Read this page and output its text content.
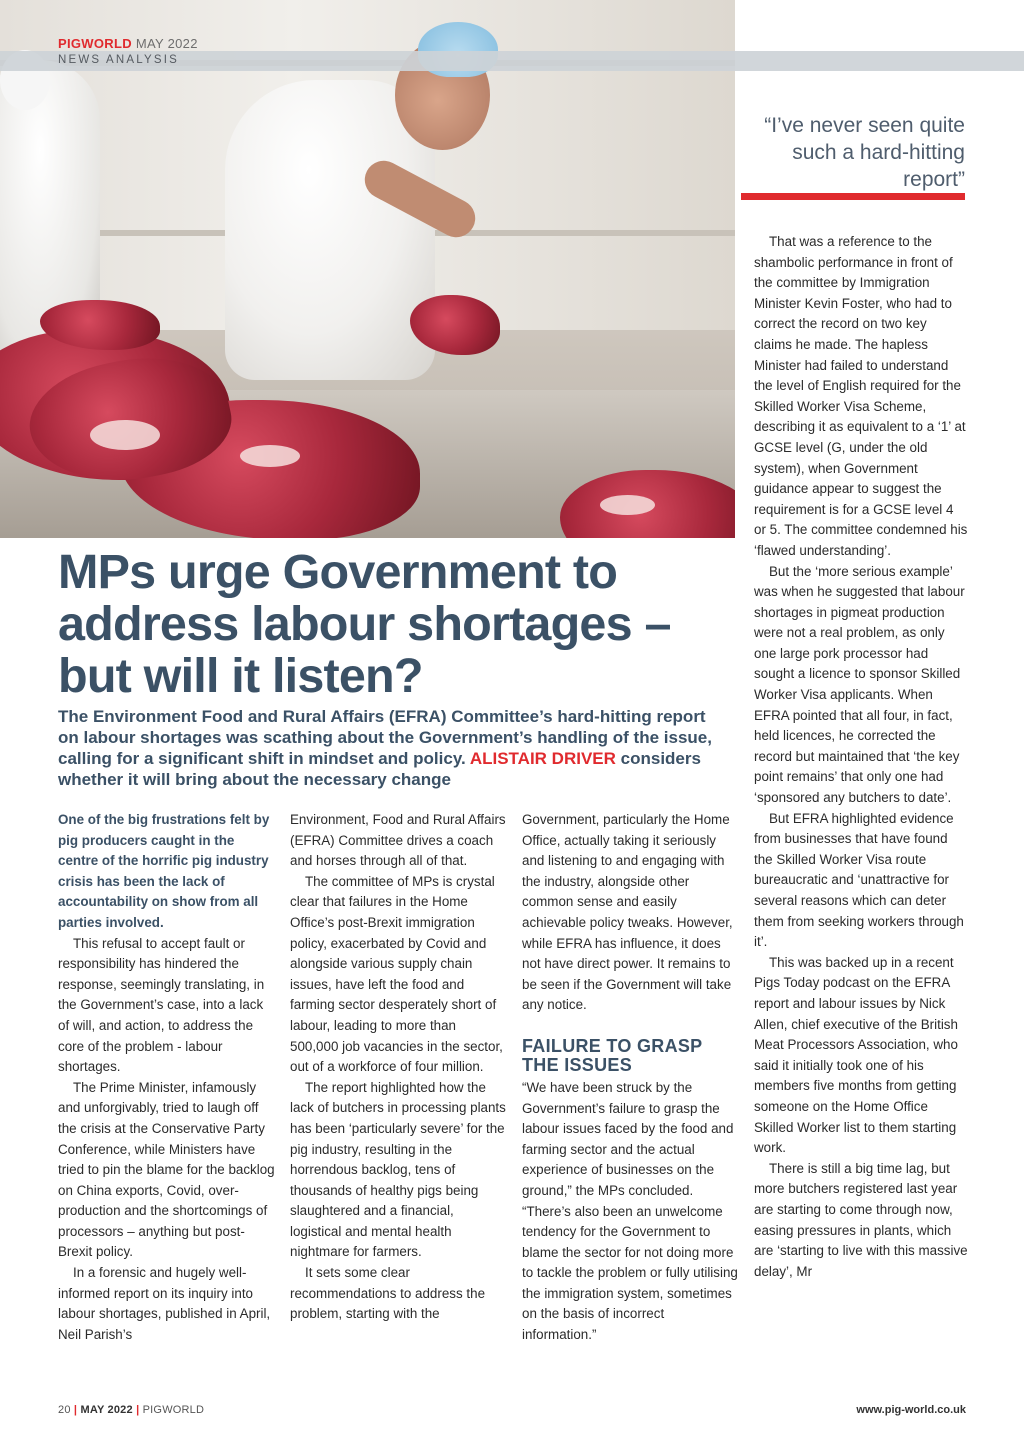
PIGWORLD MAY 2022
NEWS ANALYSIS
“I’ve never seen quite such a hard-hitting report”
MPs urge Government to address labour shortages – but will it listen?
The Environment Food and Rural Affairs (EFRA) Committee’s hard-hitting report on labour shortages was scathing about the Government’s handling of the issue, calling for a significant shift in mindset and policy. ALISTAIR DRIVER considers whether it will bring about the necessary change

One of the big frustrations felt by pig producers caught in the centre of the horrific pig industry crisis has been the lack of accountability on show from all parties involved.

This refusal to accept fault or responsibility has hindered the response, seemingly translating, in the Government’s case, into a lack of will, and action, to address the core of the problem - labour shortages.

The Prime Minister, infamously and unforgivably, tried to laugh off the crisis at the Conservative Party Conference, while Ministers have tried to pin the blame for the backlog on China exports, Covid, over-production and the shortcomings of processors – anything but post-Brexit policy.

In a forensic and hugely well-informed report on its inquiry into labour shortages, published in April, Neil Parish’s

Environment, Food and Rural Affairs (EFRA) Committee drives a coach and horses through all of that.

The committee of MPs is crystal clear that failures in the Home Office’s post-Brexit immigration policy, exacerbated by Covid and alongside various supply chain issues, have left the food and farming sector desperately short of labour, leading to more than 500,000 job vacancies in the sector, out of a workforce of four million.

The report highlighted how the lack of butchers in processing plants has been ‘particularly severe’ for the pig industry, resulting in the horrendous backlog, tens of thousands of healthy pigs being slaughtered and a financial, logistical and mental health nightmare for farmers.

It sets some clear recommendations to address the problem, starting with the

Government, particularly the Home Office, actually taking it seriously and listening to and engaging with the industry, alongside other common sense and easily achievable policy tweaks. However, while EFRA has influence, it does not have direct power. It remains to be seen if the Government will take any notice.

FAILURE TO GRASP THE ISSUES

“We have been struck by the Government’s failure to grasp the labour issues faced by the food and farming sector and the actual experience of businesses on the ground,” the MPs concluded. “There’s also been an unwelcome tendency for the Government to blame the sector for not doing more to tackle the problem or fully utilising the immigration system, sometimes on the basis of incorrect information.”

That was a reference to the shambolic performance in front of the committee by Immigration Minister Kevin Foster, who had to correct the record on two key claims he made. The hapless Minister had failed to understand the level of English required for the Skilled Worker Visa Scheme, describing it as equivalent to a ‘1’ at GCSE level (G, under the old system), when Government guidance appear to suggest the requirement is for a GCSE level 4 or 5. The committee condemned his ‘flawed understanding’.

But the ‘more serious example’ was when he suggested that labour shortages in pigmeat production were not a real problem, as only one large pork processor had sought a licence to sponsor Skilled Worker Visa applicants. When EFRA pointed that all four, in fact, held licences, he corrected the record but maintained that ‘the key point remains’ that only one had ‘sponsored any butchers to date’.

But EFRA highlighted evidence from businesses that have found the Skilled Worker Visa route bureaucratic and ‘unattractive for several reasons which can deter them from seeking workers through it’.

This was backed up in a recent Pigs Today podcast on the EFRA report and labour issues by Nick Allen, chief executive of the British Meat Processors Association, who said it initially took one of his members five months from getting someone on the Home Office Skilled Worker list to them starting work.

There is still a big time lag, but more butchers registered last year are starting to come through now, easing pressures in plants, which are ‘starting to live with this massive delay’, Mr

20 | MAY 2022 | PIGWORLD	www.pig-world.co.uk
